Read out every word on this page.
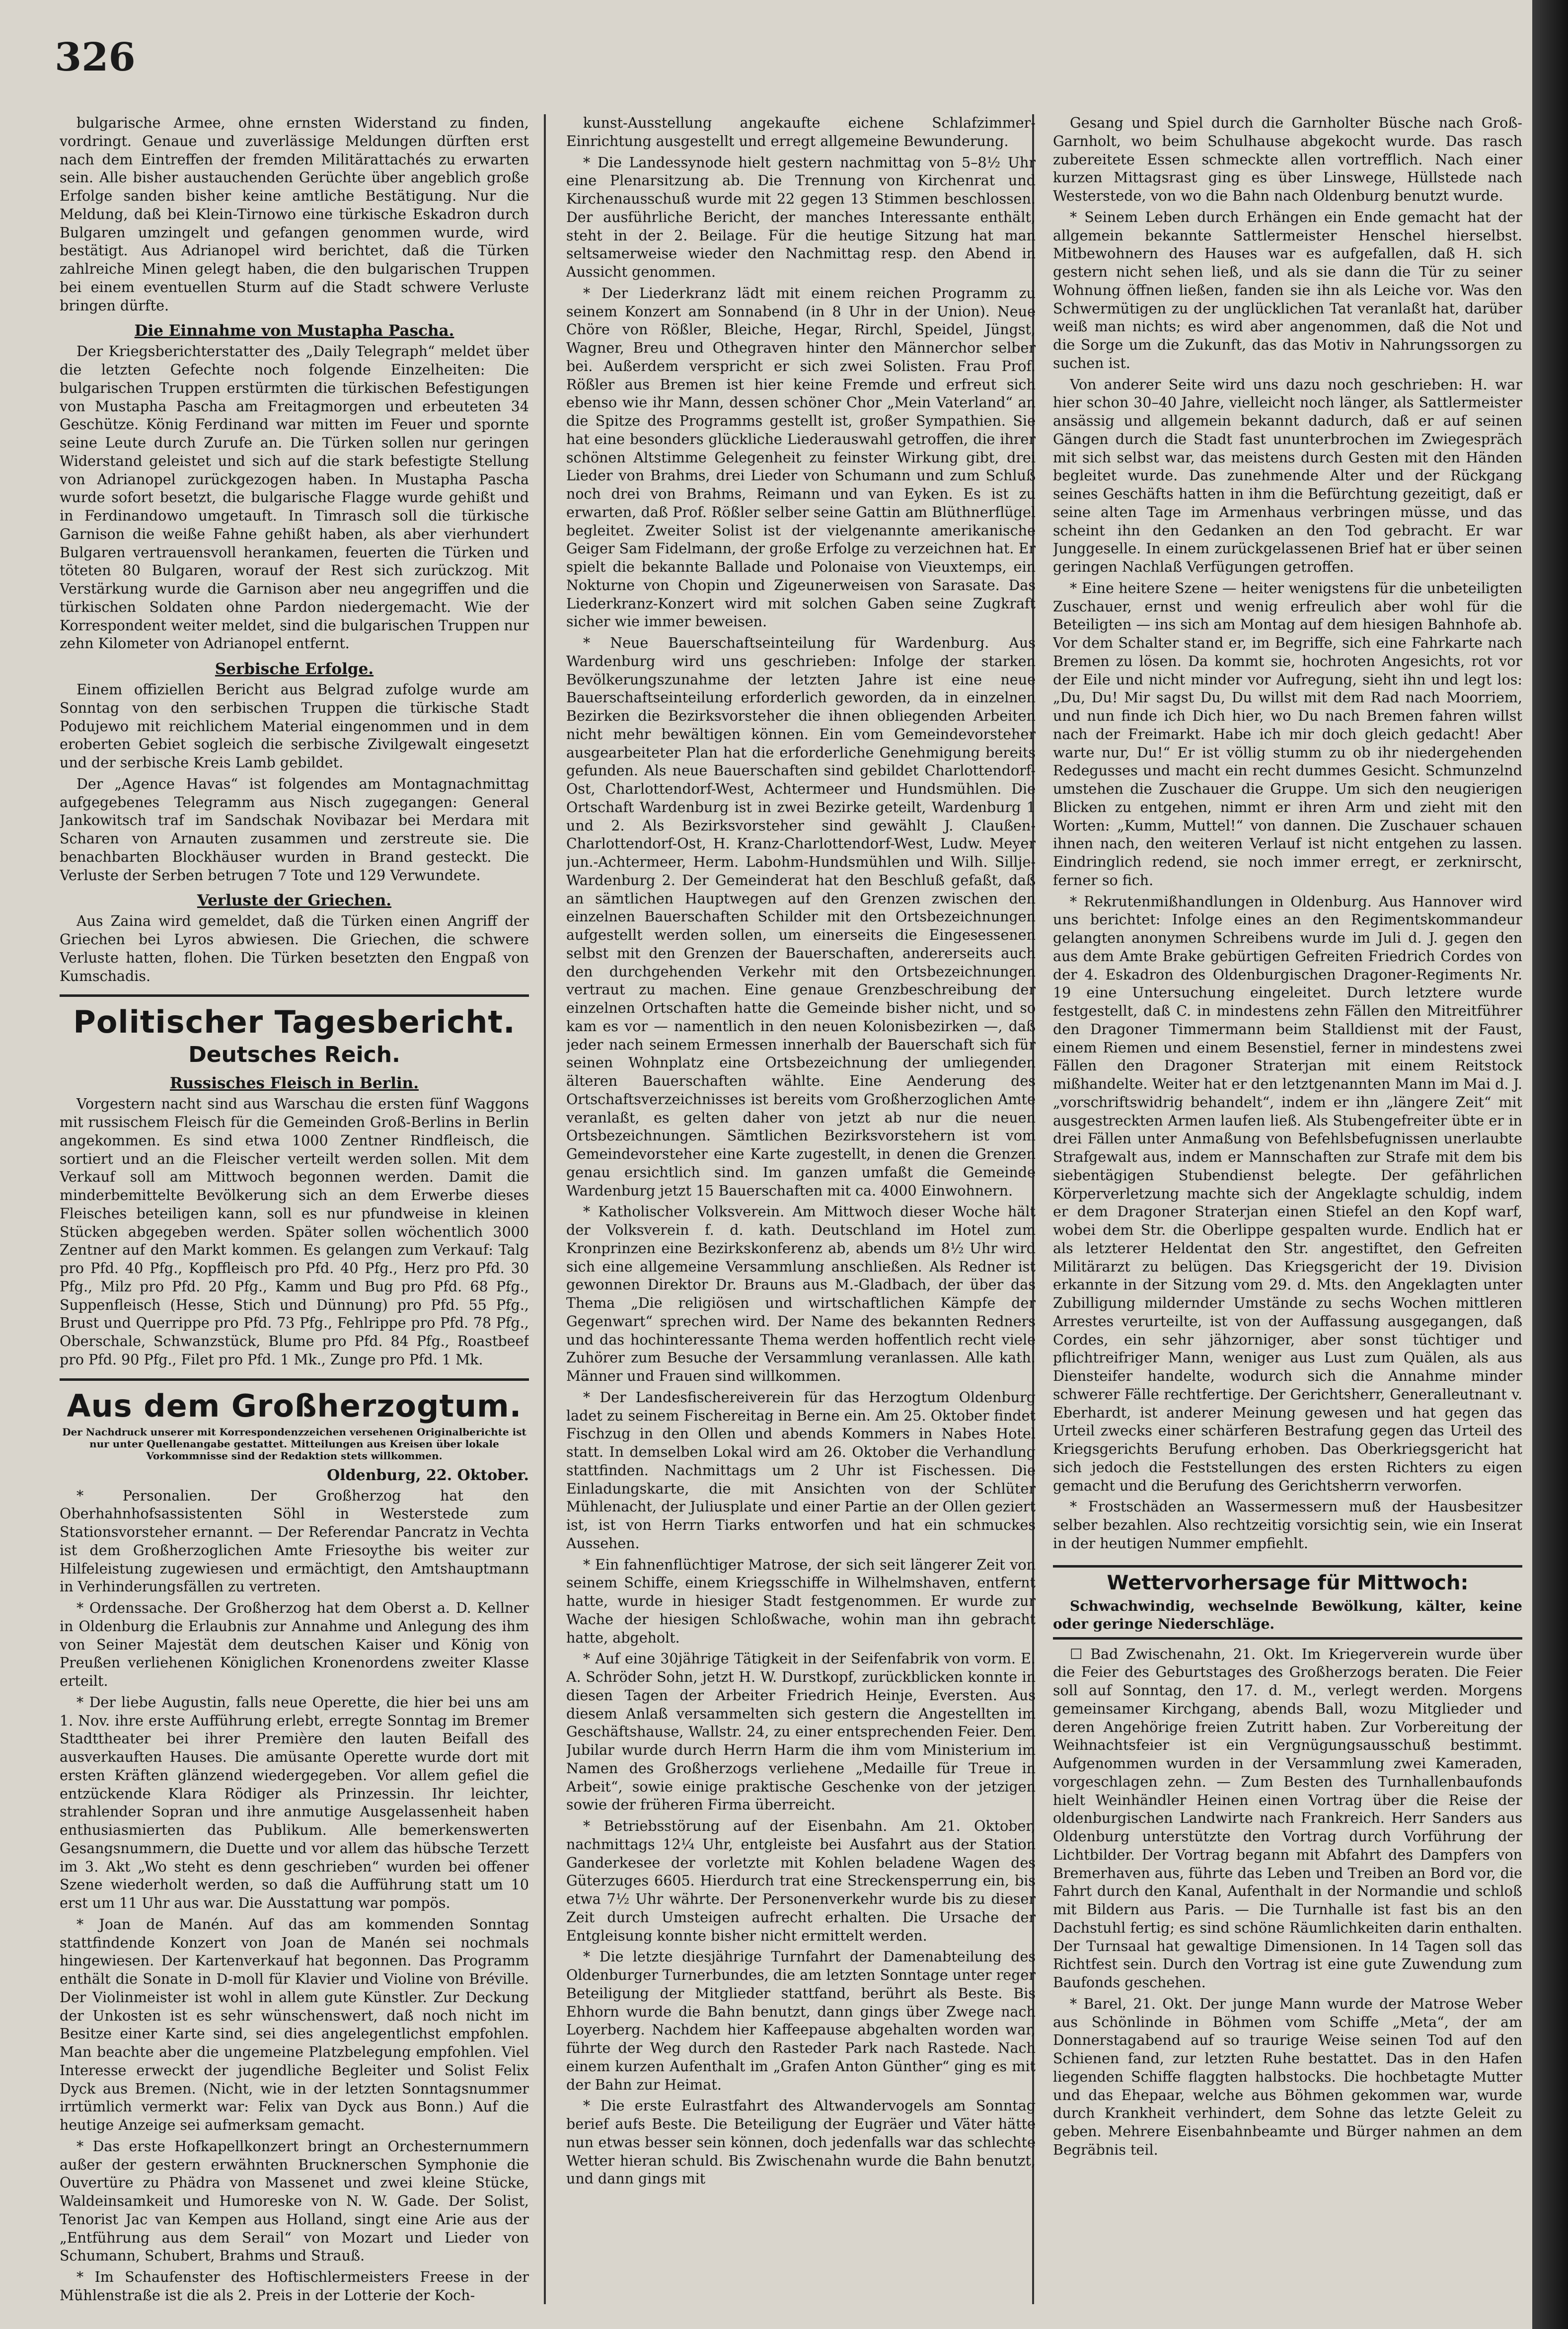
326

bulgarische Armee, ohne ernsten Widerstand zu finden, vordringt. Genaue und zuverlässige Meldungen dürften erst nach dem Eintreffen der fremden Militärattachés zu erwarten sein. Alle bisher austauchenden Gerüchte über angeblich große Erfolge sanden bisher keine amtliche Bestätigung. Nur die Meldung, daß bei Klein-Tirnowo eine türkische Eskadron durch Bulgaren umzingelt und gefangen genommen wurde, wird bestätigt. Aus Adrianopel wird berichtet, daß die Türken zahlreiche Minen gelegt haben, die den bulgarischen Truppen bei einem eventuellen Sturm auf die Stadt schwere Verluste bringen dürfte.

Die Einnahme von Mustapha Pascha.

Der Kriegsberichterstatter des „Daily Telegraph“ meldet über die letzten Gefechte noch folgende Einzelheiten: Die bulgarischen Truppen erstürmten die türkischen Befestigungen von Mustapha Pascha am Freitagmorgen und erbeuteten 34 Geschütze. König Ferdinand war mitten im Feuer und spornte seine Leute durch Zurufe an. Die Türken sollen nur geringen Widerstand geleistet und sich auf die stark befestigte Stellung von Adrianopel zurückgezogen haben. In Mustapha Pascha wurde sofort besetzt, die bulgarische Flagge wurde gehißt und in Ferdinandowo umgetauft. In Timrasch soll die türkische Garnison die weiße Fahne gehißt haben, als aber vierhundert Bulgaren vertrauensvoll herankamen, feuerten die Türken und töteten 80 Bulgaren, worauf der Rest sich zurückzog. Mit Verstärkung wurde die Garnison aber neu angegriffen und die türkischen Soldaten ohne Pardon niedergemacht. Wie der Korrespondent weiter meldet, sind die bulgarischen Truppen nur zehn Kilometer von Adrianopel entfernt.

Serbische Erfolge.

Einem offiziellen Bericht aus Belgrad zufolge wurde am Sonntag von den serbischen Truppen die türkische Stadt Podujewo mit reichlichem Material eingenommen und in dem eroberten Gebiet sogleich die serbische Zivilgewalt eingesetzt und der serbische Kreis Lamb gebildet.

Der „Agence Havas“ ist folgendes am Montagnachmittag aufgegebenes Telegramm aus Nisch zugegangen: General Jankowitsch traf im Sandschak Novibazar bei Merdara mit Scharen von Arnauten zusammen und zerstreute sie. Die benachbarten Blockhäuser wurden in Brand gesteckt. Die Verluste der Serben betrugen 7 Tote und 129 Verwundete.

Verluste der Griechen.

Aus Zaina wird gemeldet, daß die Türken einen Angriff der Griechen bei Lyros abwiesen. Die Griechen, die schwere Verluste hatten, flohen. Die Türken besetzten den Engpaß von Kumschadis.

Politischer Tagesbericht.
Deutsches Reich.
Russisches Fleisch in Berlin.

Vorgestern nacht sind aus Warschau die ersten fünf Waggons mit russischem Fleisch für die Gemeinden Groß-Berlins in Berlin angekommen. Es sind etwa 1000 Zentner Rindfleisch, die sortiert und an die Fleischer verteilt werden sollen. Mit dem Verkauf soll am Mittwoch begonnen werden. Damit die minderbemittelte Bevölkerung sich an dem Erwerbe dieses Fleisches beteiligen kann, soll es nur pfundweise in kleinen Stücken abgegeben werden. Später sollen wöchentlich 3000 Zentner auf den Markt kommen. Es gelangen zum Verkauf: Talg pro Pfd. 40 Pfg., Kopffleisch pro Pfd. 40 Pfg., Herz pro Pfd. 30 Pfg., Milz pro Pfd. 20 Pfg., Kamm und Bug pro Pfd. 68 Pfg., Suppenfleisch (Hesse, Stich und Dünnung) pro Pfd. 55 Pfg., Brust und Querrippe pro Pfd. 73 Pfg., Fehlrippe pro Pfd. 78 Pfg., Oberschale, Schwanzstück, Blume pro Pfd. 84 Pfg., Roastbeef pro Pfd. 90 Pfg., Filet pro Pfd. 1 Mk., Zunge pro Pfd. 1 Mk.

Aus dem Großherzogtum.
Der Nachdruck unserer mit Korrespondenzzeichen versehenen Originalberichte ist nur unter Quellenangabe gestattet. Mitteilungen aus Kreisen über lokale Vorkommnisse sind der Redaktion stets willkommen.
Oldenburg, 22. Oktober.

* Personalien. Der Großherzog hat den Oberhahnhofsassistenten Söhl in Westerstede zum Stationsvorsteher ernannt. — Der Referendar Pancratz in Vechta ist dem Großherzoglichen Amte Friesoythe bis weiter zur Hilfeleistung zugewiesen und ermächtigt, den Amtshauptmann in Verhinderungsfällen zu vertreten.

* Ordenssache. Der Großherzog hat dem Oberst a. D. Kellner in Oldenburg die Erlaubnis zur Annahme und Anlegung des ihm von Seiner Majestät dem deutschen Kaiser und König von Preußen verliehenen Königlichen Kronenordens zweiter Klasse erteilt.

* Der liebe Augustin, falls neue Operette, die hier bei uns am 1. Nov. ihre erste Aufführung erlebt, erregte Sonntag im Bremer Stadttheater bei ihrer Première den lauten Beifall des ausverkauften Hauses. Die amüsante Operette wurde dort mit ersten Kräften glänzend wiedergegeben. Vor allem gefiel die entzückende Klara Rödiger als Prinzessin. Ihr leichter, strahlender Sopran und ihre anmutige Ausgelassenheit haben enthusiasmierten das Publikum. Alle bemerkenswerten Gesangsnummern, die Duette und vor allem das hübsche Terzett im 3. Akt „Wo steht es denn geschrieben“ wurden bei offener Szene wiederholt werden, so daß die Aufführung statt um 10 erst um 11 Uhr aus war. Die Ausstattung war pompös.

* Joan de Manén. Auf das am kommenden Sonntag stattfindende Konzert von Joan de Manén sei nochmals hingewiesen. Der Kartenverkauf hat begonnen. Das Programm enthält die Sonate in D-moll für Klavier und Violine von Bréville. Der Violinmeister ist wohl in allem gute Künstler. Zur Deckung der Unkosten ist es sehr wünschenswert, daß noch nicht im Besitze einer Karte sind, sei dies angelegentlichst empfohlen. Man beachte aber die ungemeine Platzbelegung empfohlen. Viel Interesse erweckt der jugendliche Begleiter und Solist Felix Dyck aus Bremen. (Nicht, wie in der letzten Sonntagsnummer irrtümlich vermerkt war: Felix van Dyck aus Bonn.) Auf die heutige Anzeige sei aufmerksam gemacht.

* Das erste Hofkapellkonzert bringt an Orchesternummern außer der gestern erwähnten Brucknerschen Symphonie die Ouvertüre zu Phädra von Massenet und zwei kleine Stücke, Waldeinsamkeit und Humoreske von N. W. Gade. Der Solist, Tenorist Jac van Kempen aus Holland, singt eine Arie aus der „Entführung aus dem Serail“ von Mozart und Lieder von Schumann, Schubert, Brahms und Strauß.

* Im Schaufenster des Hoftischlermeisters Freese in der Mühlenstraße ist die als 2. Preis in der Lotterie der Koch-

kunst-Ausstellung angekaufte eichene Schlafzimmer-Einrichtung ausgestellt und erregt allgemeine Bewunderung.

* Die Landessynode hielt gestern nachmittag von 5–8½ Uhr eine Plenarsitzung ab. Die Trennung von Kirchenrat und Kirchenausschuß wurde mit 22 gegen 13 Stimmen beschlossen. Der ausführliche Bericht, der manches Interessante enthält, steht in der 2. Beilage. Für die heutige Sitzung hat man seltsamerweise wieder den Nachmittag resp. den Abend in Aussicht genommen.

* Der Liederkranz lädt mit einem reichen Programm zu seinem Konzert am Sonnabend (in 8 Uhr in der Union). Neue Chöre von Rößler, Bleiche, Hegar, Rirchl, Speidel, Jüngst, Wagner, Breu und Othegraven hinter den Männerchor selber bei. Außerdem verspricht er sich zwei Solisten. Frau Prof. Rößler aus Bremen ist hier keine Fremde und erfreut sich ebenso wie ihr Mann, dessen schöner Chor „Mein Vaterland“ an die Spitze des Programms gestellt ist, großer Sympathien. Sie hat eine besonders glückliche Liederauswahl getroffen, die ihrer schönen Altstimme Gelegenheit zu feinster Wirkung gibt, drei Lieder von Brahms, drei Lieder von Schumann und zum Schluß noch drei von Brahms, Reimann und van Eyken. Es ist zu erwarten, daß Prof. Rößler selber seine Gattin am Blüthnerflügel begleitet. Zweiter Solist ist der vielgenannte amerikanische Geiger Sam Fidelmann, der große Erfolge zu verzeichnen hat. Er spielt die bekannte Ballade und Polonaise von Vieuxtemps, ein Nokturne von Chopin und Zigeunerweisen von Sarasate. Das Liederkranz-Konzert wird mit solchen Gaben seine Zugkraft sicher wie immer beweisen.

* Neue Bauerschaftseinteilung für Wardenburg. Aus Wardenburg wird uns geschrieben: Infolge der starken Bevölkerungszunahme der letzten Jahre ist eine neue Bauerschaftseinteilung erforderlich geworden, da in einzelnen Bezirken die Bezirksvorsteher die ihnen obliegenden Arbeiten nicht mehr bewältigen können. Ein vom Gemeindevorsteher ausgearbeiteter Plan hat die erforderliche Genehmigung bereits gefunden. Als neue Bauerschaften sind gebildet Charlottendorf-Ost, Charlottendorf-West, Achtermeer und Hundsmühlen. Die Ortschaft Wardenburg ist in zwei Bezirke geteilt, Wardenburg 1 und 2. Als Bezirksvorsteher sind gewählt J. Claußen-Charlottendorf-Ost, H. Kranz-Charlottendorf-West, Ludw. Meyer jun.-Achtermeer, Herm. Labohm-Hundsmühlen und Wilh. Sillje-Wardenburg 2. Der Gemeinderat hat den Beschluß gefaßt, daß an sämtlichen Hauptwegen auf den Grenzen zwischen den einzelnen Bauerschaften Schilder mit den Ortsbezeichnungen aufgestellt werden sollen, um einerseits die Eingesessenen selbst mit den Grenzen der Bauerschaften, andererseits auch den durchgehenden Verkehr mit den Ortsbezeichnungen vertraut zu machen. Eine genaue Grenzbeschreibung der einzelnen Ortschaften hatte die Gemeinde bisher nicht, und so kam es vor — namentlich in den neuen Kolonisbezirken —, daß jeder nach seinem Ermessen innerhalb der Bauerschaft sich für seinen Wohnplatz eine Ortsbezeichnung der umliegenden älteren Bauerschaften wählte. Eine Aenderung des Ortschaftsverzeichnisses ist bereits vom Großherzoglichen Amte veranlaßt, es gelten daher von jetzt ab nur die neuen Ortsbezeichnungen. Sämtlichen Bezirksvorstehern ist vom Gemeindevorsteher eine Karte zugestellt, in denen die Grenzen genau ersichtlich sind. Im ganzen umfaßt die Gemeinde Wardenburg jetzt 15 Bauerschaften mit ca. 4000 Einwohnern.

* Katholischer Volksverein. Am Mittwoch dieser Woche hält der Volksverein f. d. kath. Deutschland im Hotel zum Kronprinzen eine Bezirkskonferenz ab, abends um 8½ Uhr wird sich eine allgemeine Versammlung anschließen. Als Redner ist gewonnen Direktor Dr. Brauns aus M.-Gladbach, der über das Thema „Die religiösen und wirtschaftlichen Kämpfe der Gegenwart“ sprechen wird. Der Name des bekannten Redners und das hochinteressante Thema werden hoffentlich recht viele Zuhörer zum Besuche der Versammlung veranlassen. Alle kath. Männer und Frauen sind willkommen.

* Der Landesfischereiverein für das Herzogtum Oldenburg ladet zu seinem Fischereitag in Berne ein. Am 25. Oktober findet Fischzug in den Ollen und abends Kommers in Nabes Hotel statt. In demselben Lokal wird am 26. Oktober die Verhandlung stattfinden. Nachmittags um 2 Uhr ist Fischessen. Die Einladungskarte, die mit Ansichten von der Schlüter Mühlenacht, der Juliusplate und einer Partie an der Ollen geziert ist, ist von Herrn Tiarks entworfen und hat ein schmuckes Aussehen.

* Ein fahnenflüchtiger Matrose, der sich seit längerer Zeit von seinem Schiffe, einem Kriegsschiffe in Wilhelmshaven, entfernt hatte, wurde in hiesiger Stadt festgenommen. Er wurde zur Wache der hiesigen Schloßwache, wohin man ihn gebracht hatte, abgeholt.

* Auf eine 30jährige Tätigkeit in der Seifenfabrik von vorm. E. A. Schröder Sohn, jetzt H. W. Durstkopf, zurückblicken konnte in diesen Tagen der Arbeiter Friedrich Heinje, Eversten. Aus diesem Anlaß versammelten sich gestern die Angestellten im Geschäftshause, Wallstr. 24, zu einer entsprechenden Feier. Dem Jubilar wurde durch Herrn Harm die ihm vom Ministerium im Namen des Großherzogs verliehene „Medaille für Treue in Arbeit“, sowie einige praktische Geschenke von der jetzigen sowie der früheren Firma überreicht.

* Betriebsstörung auf der Eisenbahn. Am 21. Oktober, nachmittags 12¼ Uhr, entgleiste bei Ausfahrt aus der Station Ganderkesee der vorletzte mit Kohlen beladene Wagen des Güterzuges 6605. Hierdurch trat eine Streckensperrung ein, bis etwa 7½ Uhr währte. Der Personenverkehr wurde bis zu dieser Zeit durch Umsteigen aufrecht erhalten. Die Ursache der Entgleisung konnte bisher nicht ermittelt werden.

* Die letzte diesjährige Turnfahrt der Damenabteilung des Oldenburger Turnerbundes, die am letzten Sonntage unter reger Beteiligung der Mitglieder stattfand, berührt als Beste. Bis Ehhorn wurde die Bahn benutzt, dann gings über Zwege nach Loyerberg. Nachdem hier Kaffeepause abgehalten worden war, führte der Weg durch den Rasteder Park nach Rastede. Nach einem kurzen Aufenthalt im „Grafen Anton Günther“ ging es mit der Bahn zur Heimat.

* Die erste Eulrastfahrt des Altwandervogels am Sonntag berief aufs Beste. Die Beteiligung der Eugräer und Väter hätte nun etwas besser sein können, doch jedenfalls war das schlechte Wetter hieran schuld. Bis Zwischenahn wurde die Bahn benutzt, und dann gings mit

Gesang und Spiel durch die Garnholter Büsche nach Groß-Garnholt, wo beim Schulhause abgekocht wurde. Das rasch zubereitete Essen schmeckte allen vortrefflich. Nach einer kurzen Mittagsrast ging es über Linswege, Hüllstede nach Westerstede, von wo die Bahn nach Oldenburg benutzt wurde.

* Seinem Leben durch Erhängen ein Ende gemacht hat der allgemein bekannte Sattlermeister Henschel hierselbst. Mitbewohnern des Hauses war es aufgefallen, daß H. sich gestern nicht sehen ließ, und als sie dann die Tür zu seiner Wohnung öffnen ließen, fanden sie ihn als Leiche vor. Was den Schwermütigen zu der unglücklichen Tat veranlaßt hat, darüber weiß man nichts; es wird aber angenommen, daß die Not und die Sorge um die Zukunft, das das Motiv in Nahrungssorgen zu suchen ist.

Von anderer Seite wird uns dazu noch geschrieben: H. war hier schon 30–40 Jahre, vielleicht noch länger, als Sattlermeister ansässig und allgemein bekannt dadurch, daß er auf seinen Gängen durch die Stadt fast ununterbrochen im Zwiegespräch mit sich selbst war, das meistens durch Gesten mit den Händen begleitet wurde. Das zunehmende Alter und der Rückgang seines Geschäfts hatten in ihm die Befürchtung gezeitigt, daß er seine alten Tage im Armenhaus verbringen müsse, und das scheint ihn den Gedanken an den Tod gebracht. Er war Junggeselle. In einem zurückgelassenen Brief hat er über seinen geringen Nachlaß Verfügungen getroffen.

* Eine heitere Szene — heiter wenigstens für die unbeteiligten Zuschauer, ernst und wenig erfreulich aber wohl für die Beteiligten — ins sich am Montag auf dem hiesigen Bahnhofe ab. Vor dem Schalter stand er, im Begriffe, sich eine Fahrkarte nach Bremen zu lösen. Da kommt sie, hochroten Angesichts, rot vor der Eile und nicht minder vor Aufregung, sieht ihn und legt los: „Du, Du! Mir sagst Du, Du willst mit dem Rad nach Moorriem, und nun finde ich Dich hier, wo Du nach Bremen fahren willst nach der Freimarkt. Habe ich mir doch gleich gedacht! Aber warte nur, Du!“ Er ist völlig stumm zu ob ihr niedergehenden Redegusses und macht ein recht dummes Gesicht. Schmunzelnd umstehen die Zuschauer die Gruppe. Um sich den neugierigen Blicken zu entgehen, nimmt er ihren Arm und zieht mit den Worten: „Kumm, Muttel!“ von dannen. Die Zuschauer schauen ihnen nach, den weiteren Verlauf ist nicht entgehen zu lassen. Eindringlich redend, sie noch immer erregt, er zerknirscht, ferner so fich.

* Rekrutenmißhandlungen in Oldenburg. Aus Hannover wird uns berichtet: Infolge eines an den Regimentskommandeur gelangten anonymen Schreibens wurde im Juli d. J. gegen den aus dem Amte Brake gebürtigen Gefreiten Friedrich Cordes von der 4. Eskadron des Oldenburgischen Dragoner-Regiments Nr. 19 eine Untersuchung eingeleitet. Durch letztere wurde festgestellt, daß C. in mindestens zehn Fällen den Mitreitführer den Dragoner Timmermann beim Stalldienst mit der Faust, einem Riemen und einem Besenstiel, ferner in mindestens zwei Fällen den Dragoner Straterjan mit einem Reitstock mißhandelte. Weiter hat er den letztgenannten Mann im Mai d. J. „vorschriftswidrig behandelt“, indem er ihn „längere Zeit“ mit ausgestreckten Armen laufen ließ. Als Stubengefreiter übte er in drei Fällen unter Anmaßung von Befehlsbefugnissen unerlaubte Strafgewalt aus, indem er Mannschaften zur Strafe mit dem bis siebentägigen Stubendienst belegte. Der gefährlichen Körperverletzung machte sich der Angeklagte schuldig, indem er dem Dragoner Straterjan einen Stiefel an den Kopf warf, wobei dem Str. die Oberlippe gespalten wurde. Endlich hat er als letzterer Heldentat den Str. angestiftet, den Gefreiten Militärarzt zu belügen. Das Kriegsgericht der 19. Division erkannte in der Sitzung vom 29. d. Mts. den Angeklagten unter Zubilligung mildernder Umstände zu sechs Wochen mittleren Arrestes verurteilte, ist von der Auffassung ausgegangen, daß Cordes, ein sehr jähzorniger, aber sonst tüchtiger und pflichtreifriger Mann, weniger aus Lust zum Quälen, als aus Diensteifer handelte, wodurch sich die Annahme minder schwerer Fälle rechtfertige. Der Gerichtsherr, Generalleutnant v. Eberhardt, ist anderer Meinung gewesen und hat gegen das Urteil zwecks einer schärferen Bestrafung gegen das Urteil des Kriegsgerichts Berufung erhoben. Das Oberkriegsgericht hat sich jedoch die Feststellungen des ersten Richters zu eigen gemacht und die Berufung des Gerichtsherrn verworfen.

* Frostschäden an Wassermessern muß der Hausbesitzer selber bezahlen. Also rechtzeitig vorsichtig sein, wie ein Inserat in der heutigen Nummer empfiehlt.

Wettervorhersage für Mittwoch:

Schwachwindig, wechselnde Bewölkung, kälter, keine oder geringe Niederschläge.

☐ Bad Zwischenahn, 21. Okt. Im Kriegerverein wurde über die Feier des Geburtstages des Großherzogs beraten. Die Feier soll auf Sonntag, den 17. d. M., verlegt werden. Morgens gemeinsamer Kirchgang, abends Ball, wozu Mitglieder und deren Angehörige freien Zutritt haben. Zur Vorbereitung der Weihnachtsfeier ist ein Vergnügungsausschuß bestimmt. Aufgenommen wurden in der Versammlung zwei Kameraden, vorgeschlagen zehn. — Zum Besten des Turnhallenbaufonds hielt Weinhändler Heinen einen Vortrag über die Reise der oldenburgischen Landwirte nach Frankreich. Herr Sanders aus Oldenburg unterstützte den Vortrag durch Vorführung der Lichtbilder. Der Vortrag begann mit Abfahrt des Dampfers von Bremerhaven aus, führte das Leben und Treiben an Bord vor, die Fahrt durch den Kanal, Aufenthalt in der Normandie und schloß mit Bildern aus Paris. — Die Turnhalle ist fast bis an den Dachstuhl fertig; es sind schöne Räumlichkeiten darin enthalten. Der Turnsaal hat gewaltige Dimensionen. In 14 Tagen soll das Richtfest sein. Durch den Vortrag ist eine gute Zuwendung zum Baufonds geschehen.

* Barel, 21. Okt. Der junge Mann wurde der Matrose Weber aus Schönlinde in Böhmen vom Schiffe „Meta“, der am Donnerstagabend auf so traurige Weise seinen Tod auf den Schienen fand, zur letzten Ruhe bestattet. Das in den Hafen liegenden Schiffe flaggten halbstocks. Die hochbetagte Mutter und das Ehepaar, welche aus Böhmen gekommen war, wurde durch Krankheit verhindert, dem Sohne das letzte Geleit zu geben. Mehrere Eisenbahnbeamte und Bürger nahmen an dem Begräbnis teil.
